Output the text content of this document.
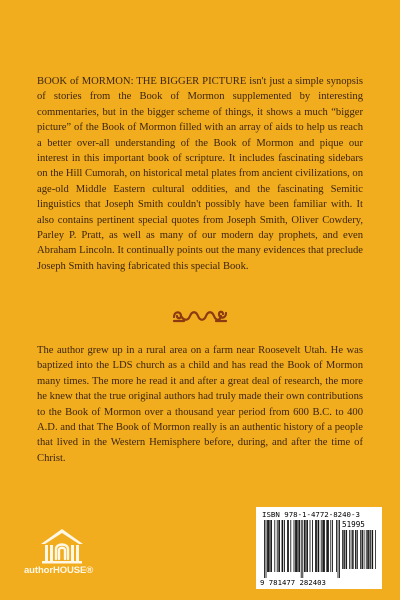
BOOK of MORMON: THE BIGGER PICTURE isn't just a simple synopsis of stories from the Book of Mormon supplemented by interesting commentaries, but in the bigger scheme of things, it shows a much “bigger picture” of the Book of Mormon filled with an array of aids to help us reach a better over-all understanding of the Book of Mormon and pique our interest in this important book of scripture. It includes fascinating sidebars on the Hill Cumorah, on historical metal plates from ancient civilizations, on age-old Middle Eastern cultural oddities, and the fascinating Semitic linguistics that Joseph Smith couldn't possibly have been familiar with. It also contains pertinent special quotes from Joseph Smith, Oliver Cowdery, Parley P. Pratt, as well as many of our modern day prophets, and even Abraham Lincoln. It continually points out the many evidences that preclude Joseph Smith having fabricated this special Book.

The author grew up in a rural area on a farm near Roosevelt Utah. He was baptized into the LDS church as a child and has read the Book of Mormon many times. The more he read it and after a great deal of research, the more he knew that the true original authors had truly made their own contributions to the Book of Mormon over a thousand year period from 600 B.C. to 400 A.D. and that The Book of Mormon really is an authentic history of a people that lived in the Western Hemisphere before, during, and after the time of Christ.

authorHOUSE®
ISBN 978-1-4772-8240-3
51995
9 781477 282403
